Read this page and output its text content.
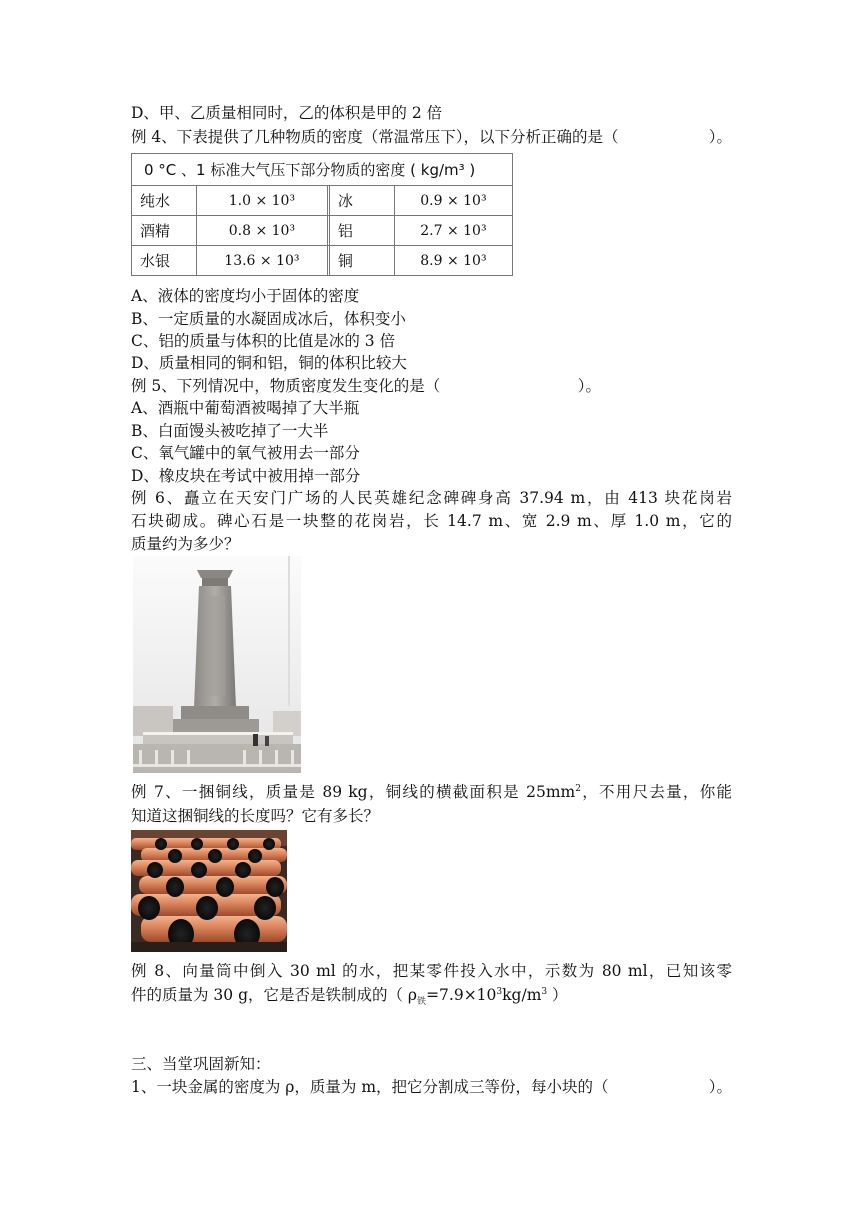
D、甲、乙质量相同时，乙的体积是甲的 2 倍
例 4、下表提供了几种物质的密度（常温常压下），以下分析正确的是（	）。
0 °C 、1 标准大气压下部分物质的密度 ( kg/m³ )				
纯水	1.0 × 10³		冰	0.9 × 10³
酒精	0.8 × 10³		铝	2.7 × 10³
水银	13.6 × 10³		铜	8.9 × 10³
A、液体的密度均小于固体的密度
B、一定质量的水凝固成冰后，体积变小
C、铝的质量与体积的比值是冰的 3 倍
D、质量相同的铜和铝，铜的体积比较大
例 5、下列情况中，物质密度发生变化的是（	）。
A、酒瓶中葡萄酒被喝掉了大半瓶
B、白面馒头被吃掉了一大半
C、氧气罐中的氧气被用去一部分
D、橡皮块在考试中被用掉一部分
例 6、矗立在天安门广场的人民英雄纪念碑碑身高 37.94 m，由 413 块花岗岩
石块砌成。碑心石是一块整的花岗岩，长 14.7 m、宽 2.9 m、厚 1.0 m，它的
质量约为多少？
例 7、一捆铜线，质量是 89 kg，铜线的横截面积是 $25mm^2$，不用尺去量，你能
知道这捆铜线的长度吗？它有多长？
例 8、向量筒中倒入 30 ml 的水，把某零件投入水中，示数为 80 ml，已知该零
件的质量为 30 g，它是否是铁制成的（ $\rho_铁=7.9\times 10^3kg/m^3$ ）
三、当堂巩固新知：
1、一块金属的密度为 ρ，质量为 m，把它分割成三等份，每小块的（	）。
